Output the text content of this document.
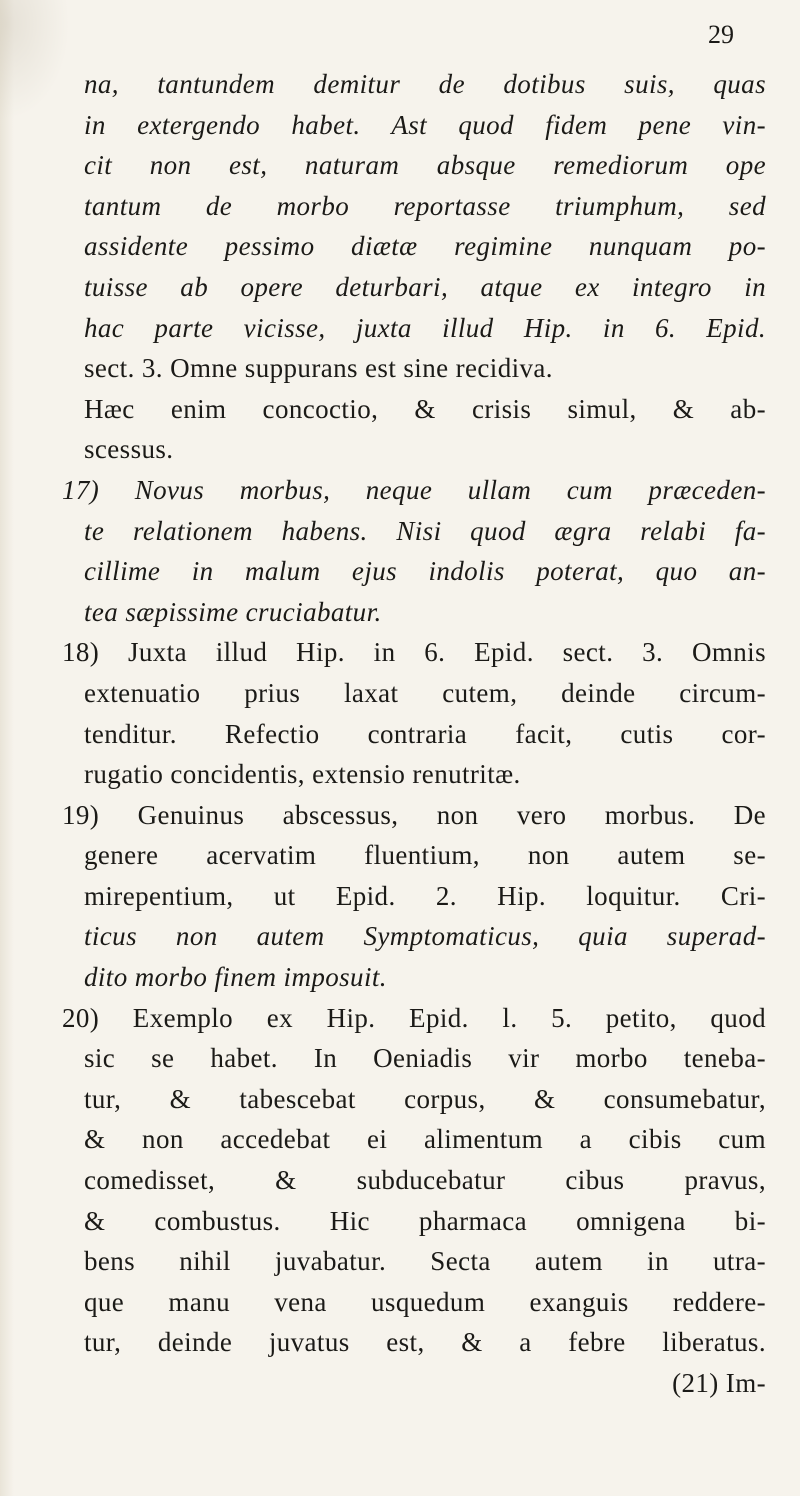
29
na, tantundem demitur de dotibus suis, quas
in extergendo habet. Ast quod fidem pene vin-
cit non est, naturam absque remediorum ope
tantum de morbo reportasse triumphum, sed
assidente pessimo diætæ regimine nunquam po-
tuisse ab opere deturbari, atque ex integro in
hac parte vicisse, juxta illud Hip. in 6. Epid.
sect. 3. Omne suppurans est sine recidiva.
Hæc enim concoctio, & crisis simul, & ab-
scessus.
17) Novus morbus, neque ullam cum præceden-
te relationem habens. Nisi quod ægra relabi fa-
cillime in malum ejus indolis poterat, quo an-
tea sæpissime cruciabatur.
18) Juxta illud Hip. in 6. Epid. sect. 3. Omnis
extenuatio prius laxat cutem, deinde circum-
tenditur. Refectio contraria facit, cutis cor-
rugatio concidentis, extensio renutritæ.
19) Genuinus abscessus, non vero morbus. De
genere acervatim fluentium, non autem se-
mirepentium, ut Epid. 2. Hip. loquitur. Cri-
ticus non autem Symptomaticus, quia superad-
dito morbo finem imposuit.
20) Exemplo ex Hip. Epid. l. 5. petito, quod
sic se habet. In Oeniadis vir morbo teneba-
tur, & tabescebat corpus, & consumebatur,
& non accedebat ei alimentum a cibis cum
comedisset, & subducebatur cibus pravus,
& combustus. Hic pharmaca omnigena bi-
bens nihil juvabatur. Secta autem in utra-
que manu vena usquedum exanguis reddere-
tur, deinde juvatus est, & a febre liberatus.
(21) Im-
